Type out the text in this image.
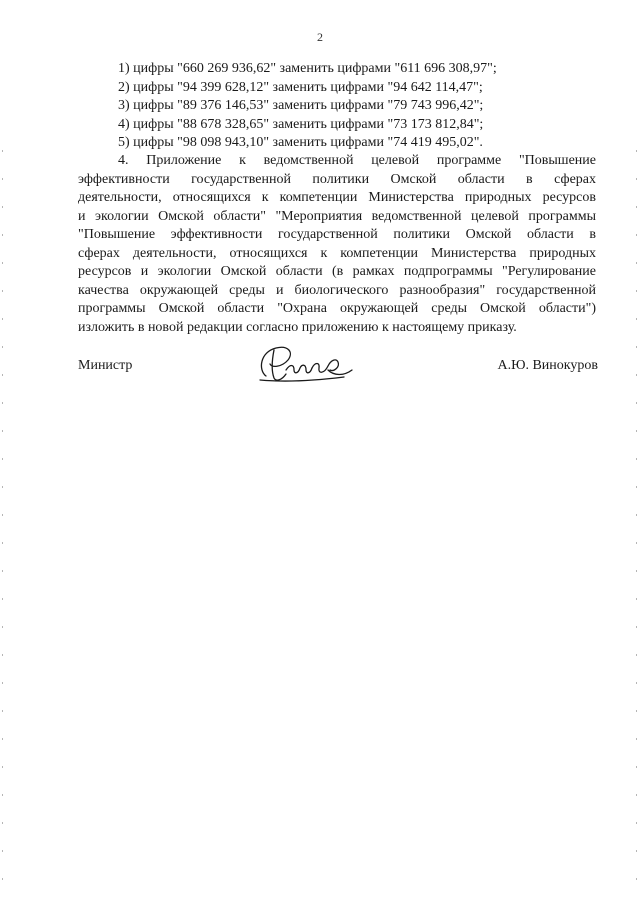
2
1) цифры "660 269 936,62" заменить цифрами "611 696 308,97";
2) цифры "94 399 628,12" заменить цифрами "94 642 114,47";
3) цифры "89 376 146,53" заменить цифрами "79 743 996,42";
4) цифры "88 678 328,65" заменить цифрами "73 173 812,84";
5) цифры "98 098 943,10" заменить цифрами "74 419 495,02".
4. Приложение к ведомственной целевой программе "Повышение
эффективности государственной политики Омской области в сферах
деятельности, относящихся к компетенции Министерства природных ресурсов
и экологии Омской области" "Мероприятия ведомственной целевой программы
"Повышение эффективности государственной политики Омской области в
сферах деятельности, относящихся к компетенции Министерства природных
ресурсов и экологии Омской области (в рамках подпрограммы "Регулирование
качества окружающей среды и биологического разнообразия" государственной
программы Омской области "Охрана окружающей среды Омской области")
изложить в новой редакции согласно приложению к настоящему приказу.
Министр	А.Ю. Винокуров
